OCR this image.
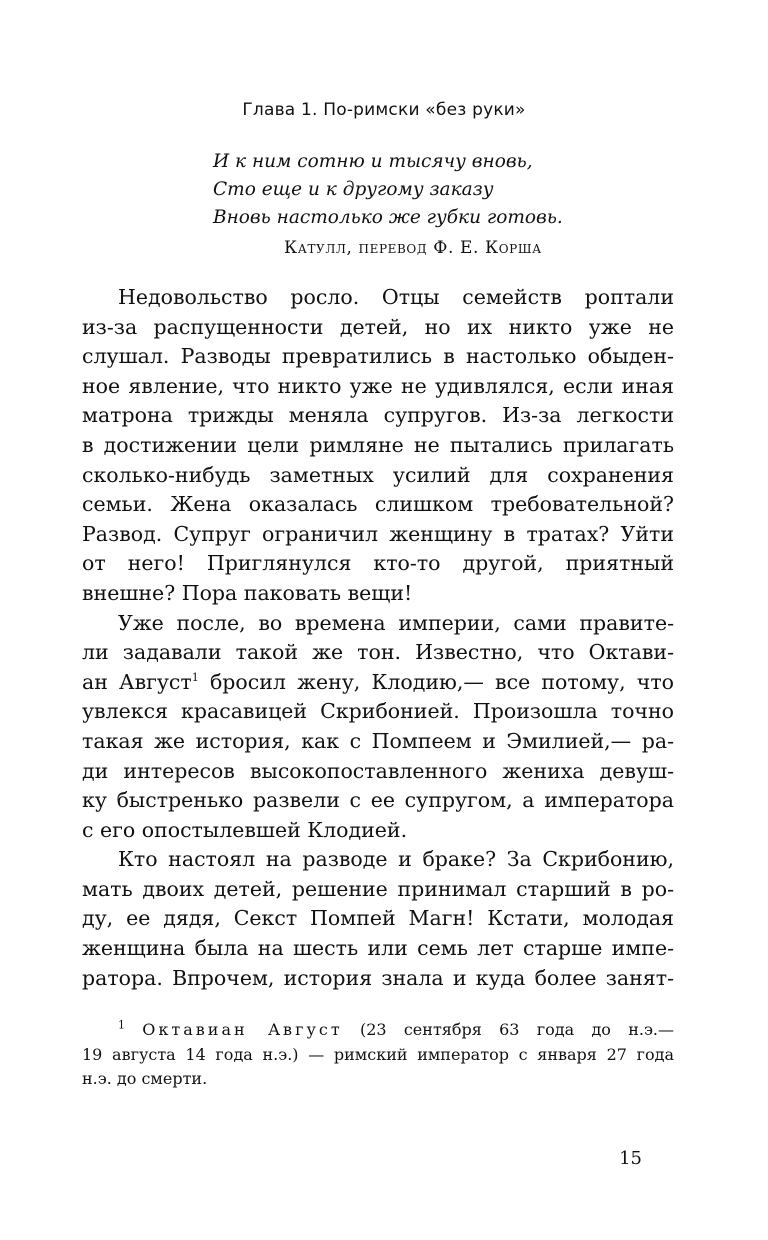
Глава 1. По-римски «без руки»

И к ним сотню и тысячу вновь,
Сто еще и к другому заказу
Вновь настолько же губки готовь.
Катулл, перевод Ф. Е. Корша
Недовольство росло. Отцы семейств роптали
из-за распущенности детей, но их никто уже не
слушал. Разводы превратились в настолько обыден-
ное явление, что никто уже не удивлялся, если иная
матрона трижды меняла супругов. Из-за легкости
в достижении цели римляне не пытались прилагать
сколько-нибудь заметных усилий для сохранения
семьи. Жена оказалась слишком требовательной?
Развод. Супруг ограничил женщину в тратах? Уйти
от него! Приглянулся кто-то другой, приятный
внешне? Пора паковать вещи!
Уже после, во времена империи, сами правите-
ли задавали такой же тон. Известно, что Октави-
ан Август$^1$ бросил жену, Клодию,— все потому, что
увлекся красавицей Скрибонией. Произошла точно
такая же история, как с Помпеем и Эмилией,— ра-
ди интересов высокопоставленного жениха девуш-
ку быстренько развели с ее супругом, а императора
с его опостылевшей Клодией.
Кто настоял на разводе и браке? За Скрибонию,
мать двоих детей, решение принимал старший в ро-
ду, ее дядя, Секст Помпей Магн! Кстати, молодая
женщина была на шесть или семь лет старше импе-
ратора. Впрочем, история знала и куда более занят-
$^1$ Октавиан Август (23 сентября 63 года до н.э.—
19 августа 14 года н.э.) — римский император с января 27 года
н.э. до смерти.
15
